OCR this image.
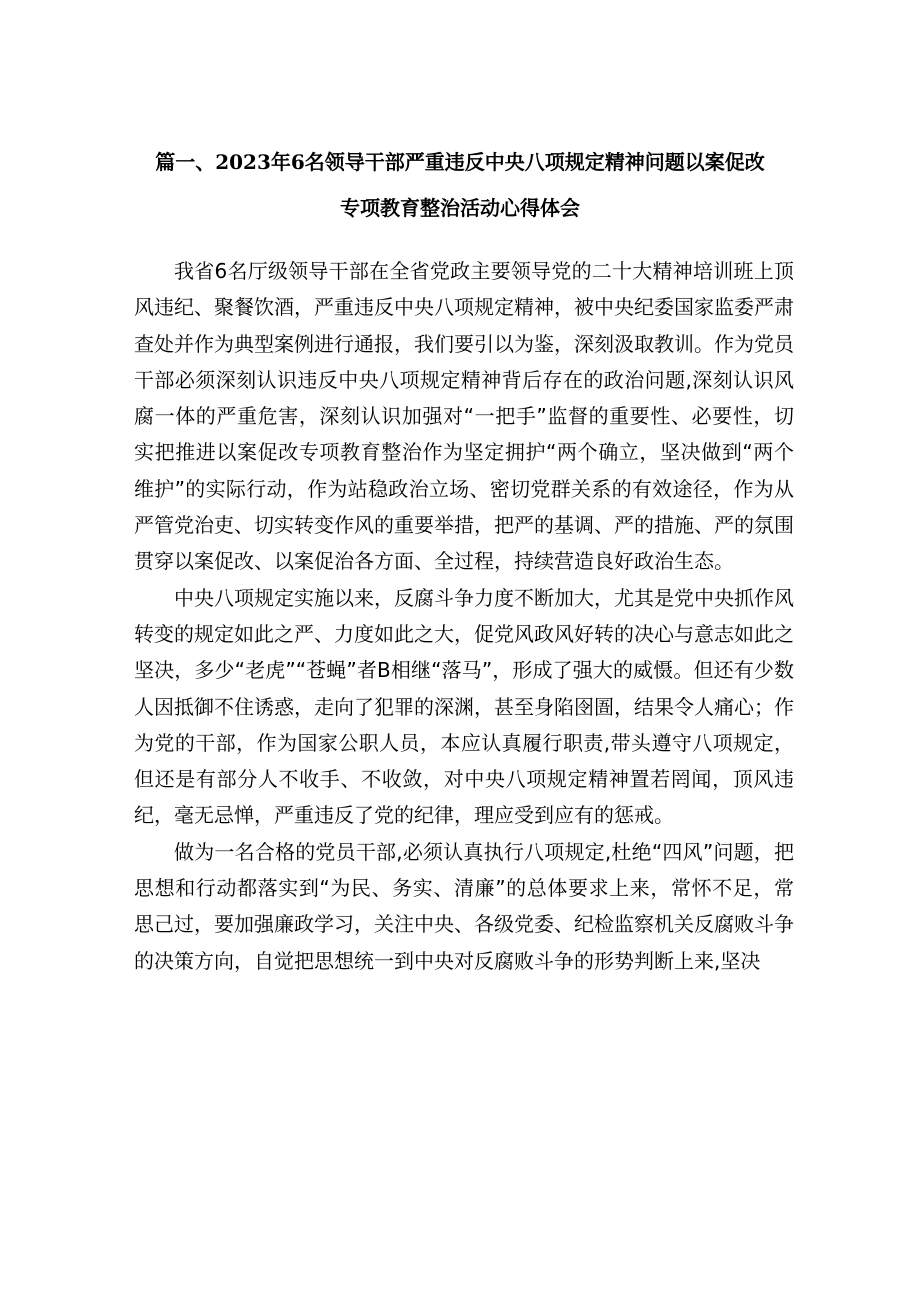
篇一、2023年6名领导干部严重违反中央八项规定精神问题以案促改
专项教育整治活动心得体会

我省6名厅级领导干部在全省党政主要领导党的二十大精神培训班上顶风违纪、聚餐饮酒，严重违反中央八项规定精神，被中央纪委国家监委严肃查处并作为典型案例进行通报，我们要引以为鉴，深刻汲取教训。作为党员干部必须深刻认识违反中央八项规定精神背后存在的政治问题,深刻认识风腐一体的严重危害，深刻认识加强对“一把手”监督的重要性、必要性，切实把推进以案促改专项教育整治作为坚定拥护“两个确立，坚决做到“两个维护”的实际行动，作为站稳政治立场、密切党群关系的有效途径，作为从严管党治吏、切实转变作风的重要举措，把严的基调、严的措施、严的氛围贯穿以案促改、以案促治各方面、全过程，持续营造良好政治生态。

中央八项规定实施以来，反腐斗争力度不断加大，尤其是党中央抓作风转变的规定如此之严、力度如此之大，促党风政风好转的决心与意志如此之坚决，多少“老虎”“苍蝇”者B相继“落马”，形成了强大的威慑。但还有少数人因抵御不住诱惑，走向了犯罪的深渊，甚至身陷囹圄，结果令人痛心；作为党的干部，作为国家公职人员，本应认真履行职责,带头遵守八项规定，但还是有部分人不收手、不收敛，对中央八项规定精神置若罔闻，顶风违纪，毫无忌惮，严重违反了党的纪律，理应受到应有的惩戒。

做为一名合格的党员干部,必须认真执行八项规定,杜绝“四风”问题，把思想和行动都落实到“为民、务实、清廉”的总体要求上来，常怀不足，常思己过，要加强廉政学习，关注中央、各级党委、纪检监察机关反腐败斗争的决策方向，自觉把思想统一到中央对反腐败斗争的形势判断上来,坚决
